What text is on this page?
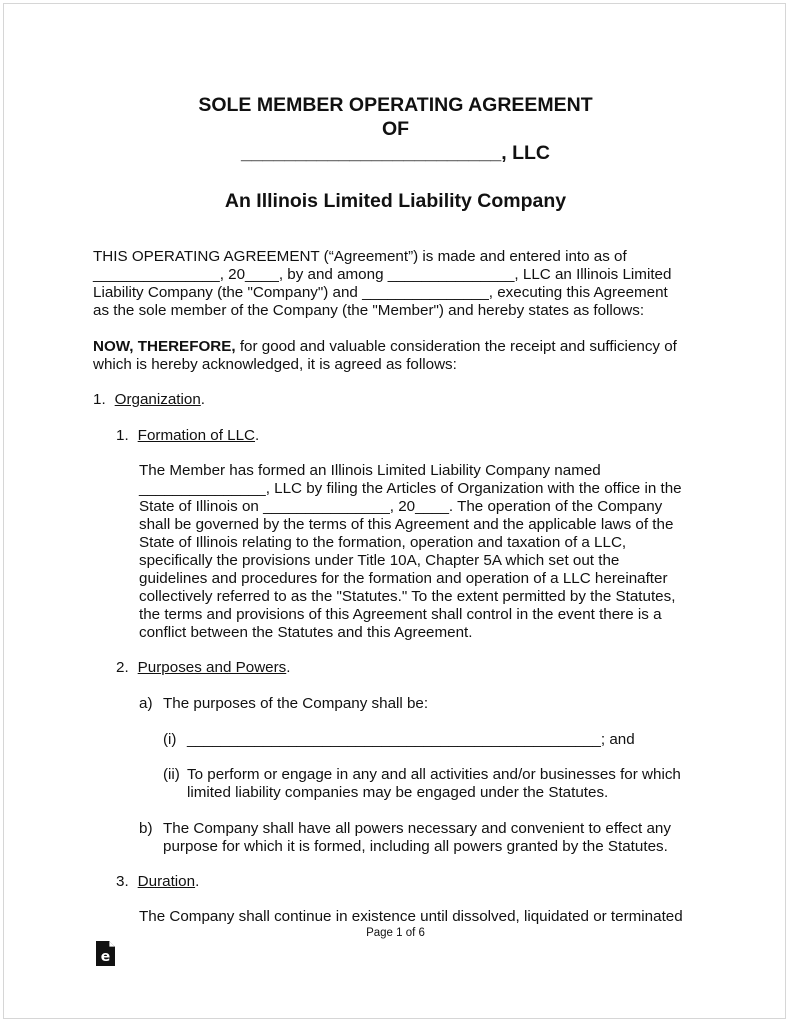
SOLE MEMBER OPERATING AGREEMENT
OF
________________________, LLC
An Illinois Limited Liability Company

THIS OPERATING AGREEMENT (“Agreement”) is made and entered into as of

_______________, 20____, by and among _______________, LLC an Illinois Limited

Liability Company (the "Company") and _______________, executing this Agreement

as the sole member of the Company (the "Member") and hereby states as follows:

NOW, THEREFORE, for good and valuable consideration the receipt and sufficiency of

which is hereby acknowledged, it is agreed as follows:

1. Organization.

1. Formation of LLC.

The Member has formed an Illinois Limited Liability Company named

_______________, LLC by filing the Articles of Organization with the office in the

State of Illinois on _______________, 20____. The operation of the Company

shall be governed by the terms of this Agreement and the applicable laws of the

State of Illinois relating to the formation, operation and taxation of a LLC,

specifically the provisions under Title 10A, Chapter 5A which set out the

guidelines and procedures for the formation and operation of a LLC hereinafter

collectively referred to as the "Statutes." To the extent permitted by the Statutes,

the terms and provisions of this Agreement shall control in the event there is a

conflict between the Statutes and this Agreement.

2. Purposes and Powers.

a) The purposes of the Company shall be:

(i) _________________________________________________; and

(ii) To perform or engage in any and all activities and/or businesses for which

limited liability companies may be engaged under the Statutes.

b) The Company shall have all powers necessary and convenient to effect any

purpose for which it is formed, including all powers granted by the Statutes.

3. Duration.

The Company shall continue in existence until dissolved, liquidated or terminated

Page 1 of 6
e
